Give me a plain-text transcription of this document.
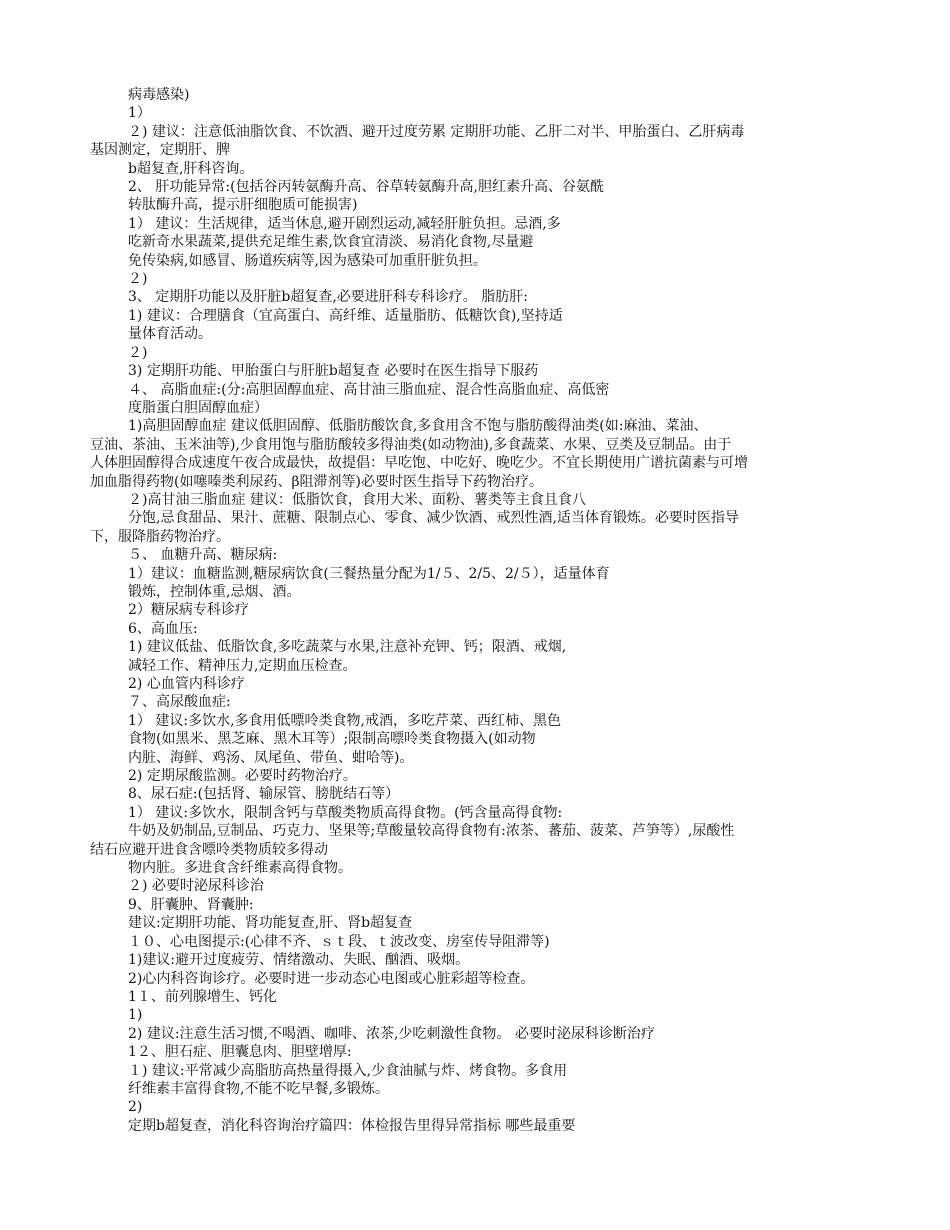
病毒感染)
1）
２) 建议：注意低油脂饮食、不饮酒、避开过度劳累 定期肝功能、乙肝二对半、甲胎蛋白、乙肝病毒
基因测定，定期肝、脾
b超复查,肝科咨询。
2、 肝功能异常:(包括谷丙转氨酶升高、谷草转氨酶升高,胆红素升高、谷氨酰
转肽酶升高，提示肝细胞质可能损害)
1） 建议：生活规律，适当休息,避开剧烈运动,减轻肝脏负担。忌酒,多
吃新奇水果蔬菜,提供充足维生素,饮食宜清淡、易消化食物,尽量避
免传染病,如感冒、肠道疾病等,因为感染可加重肝脏负担。
２)
3、 定期肝功能以及肝脏b超复查,必要进肝科专科诊疗。 脂肪肝:
1) 建议：合理膳食（宜高蛋白、高纤维、适量脂肪、低糖饮食),坚持适
量体育活动。
２)
3) 定期肝功能、甲胎蛋白与肝脏b超复查 必要时在医生指导下服药
４、 高脂血症:(分:高胆固醇血症、高甘油三脂血症、混合性高脂血症、高低密
度脂蛋白胆固醇血症）
1)高胆固醇血症 建议低胆固醇、低脂肪酸饮食,多食用含不饱与脂肪酸得油类(如:麻油、菜油、
豆油、茶油、玉米油等),少食用饱与脂肪酸较多得油类(如动物油),多食蔬菜、水果、豆类及豆制品。由于
人体胆固醇得合成速度午夜合成最快，故提倡：早吃饱、中吃好、晚吃少。不宜长期使用广谱抗菌素与可增
加血脂得药物(如噻嗪类利尿药、β阻滞剂等)必要时医生指导下药物治疗。
２)高甘油三脂血症 建议：低脂饮食，食用大米、面粉、薯类等主食且食八
分饱,忌食甜品、果汁、蔗糖、限制点心、零食、减少饮酒、戒烈性酒,适当体育锻炼。必要时医指导
下，服降脂药物治疗。
５、 血糖升高、糖尿病:
1）建议：血糖监测,糖尿病饮食(三餐热量分配为1/５、2/5、2/５），适量体育
锻炼，控制体重,忌烟、酒。
2）糖尿病专科诊疗
6、高血压:
1) 建议低盐、低脂饮食,多吃蔬菜与水果,注意补充钾、钙；限酒、戒烟,
减轻工作、精神压力,定期血压检查。
2) 心血管内科诊疗
７、高尿酸血症:
1） 建议:多饮水,多食用低嘌呤类食物,戒酒，多吃芹菜、西红柿、黑色
食物(如黑米、黑芝麻、黑木耳等）;限制高嘌呤类食物摄入(如动物
内脏、海鲜、鸡汤、凤尾鱼、带鱼、蚶哈等)。
2) 定期尿酸监测。必要时药物治疗。
8、尿石症:(包括肾、输尿管、膀胱结石等）
1） 建议:多饮水，限制含钙与草酸类物质高得食物。(钙含量高得食物:
牛奶及奶制品,豆制品、巧克力、坚果等;草酸量较高得食物有:浓茶、蕃茄、菠菜、芦笋等）,尿酸性
结石应避开进食含嘌呤类物质较多得动
物内脏。多进食含纤维素高得食物。
２) 必要时泌尿科诊治
9、肝囊肿、肾囊肿:
建议:定期肝功能、肾功能复查,肝、肾b超复查
１０、心电图提示:(心律不齐、ｓｔ段、ｔ波改变、房室传导阻滞等)
1)建议:避开过度疲劳、情绪激动、失眠、酗酒、吸烟。
2)心内科咨询诊疗。必要时进一步动态心电图或心脏彩超等检查。
1１、前列腺增生、钙化
1)
2) 建议:注意生活习惯,不喝酒、咖啡、浓茶,少吃刺激性食物。 必要时泌尿科诊断治疗
1２、胆石症、胆囊息肉、胆壁增厚:
１) 建议:平常减少高脂肪高热量得摄入,少食油腻与炸、烤食物。多食用
纤维素丰富得食物,不能不吃早餐,多锻炼。
2)
定期b超复查，消化科咨询治疗篇四：体检报告里得异常指标 哪些最重要
